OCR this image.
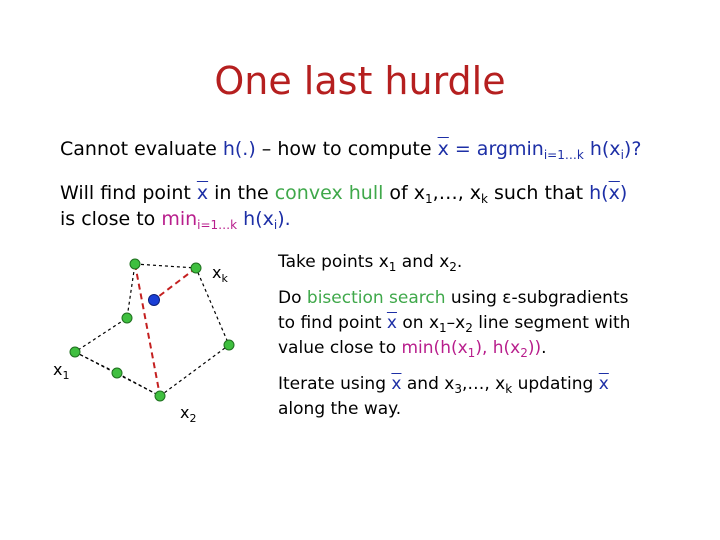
One last hurdle
Cannot evaluate h(.) – how to compute $\overline{x} = argmin_{i=1\dots k}$ $h(x_i)$?
Will find point $\overline{x}$ in the convex hull of $x_1,\dots$, $x_k$ such that $h(\overline{x})$
is close to $\min_{i=1\dots k} h(x_i)$.
$x_k$
$x_1$
$x_2$
Take points $x_1$ and $x_2$.
Do bisection search using ε-subgradients
to find point $\overline{x}$ on $x_1-x_2$ line segment with
value close to $\min(h(x_1)$, $h(x_2)$).
Iterate using $\overline{x}$ and $x_3,\dots$, $x_k$ updating $\overline{x}$
along the way.
